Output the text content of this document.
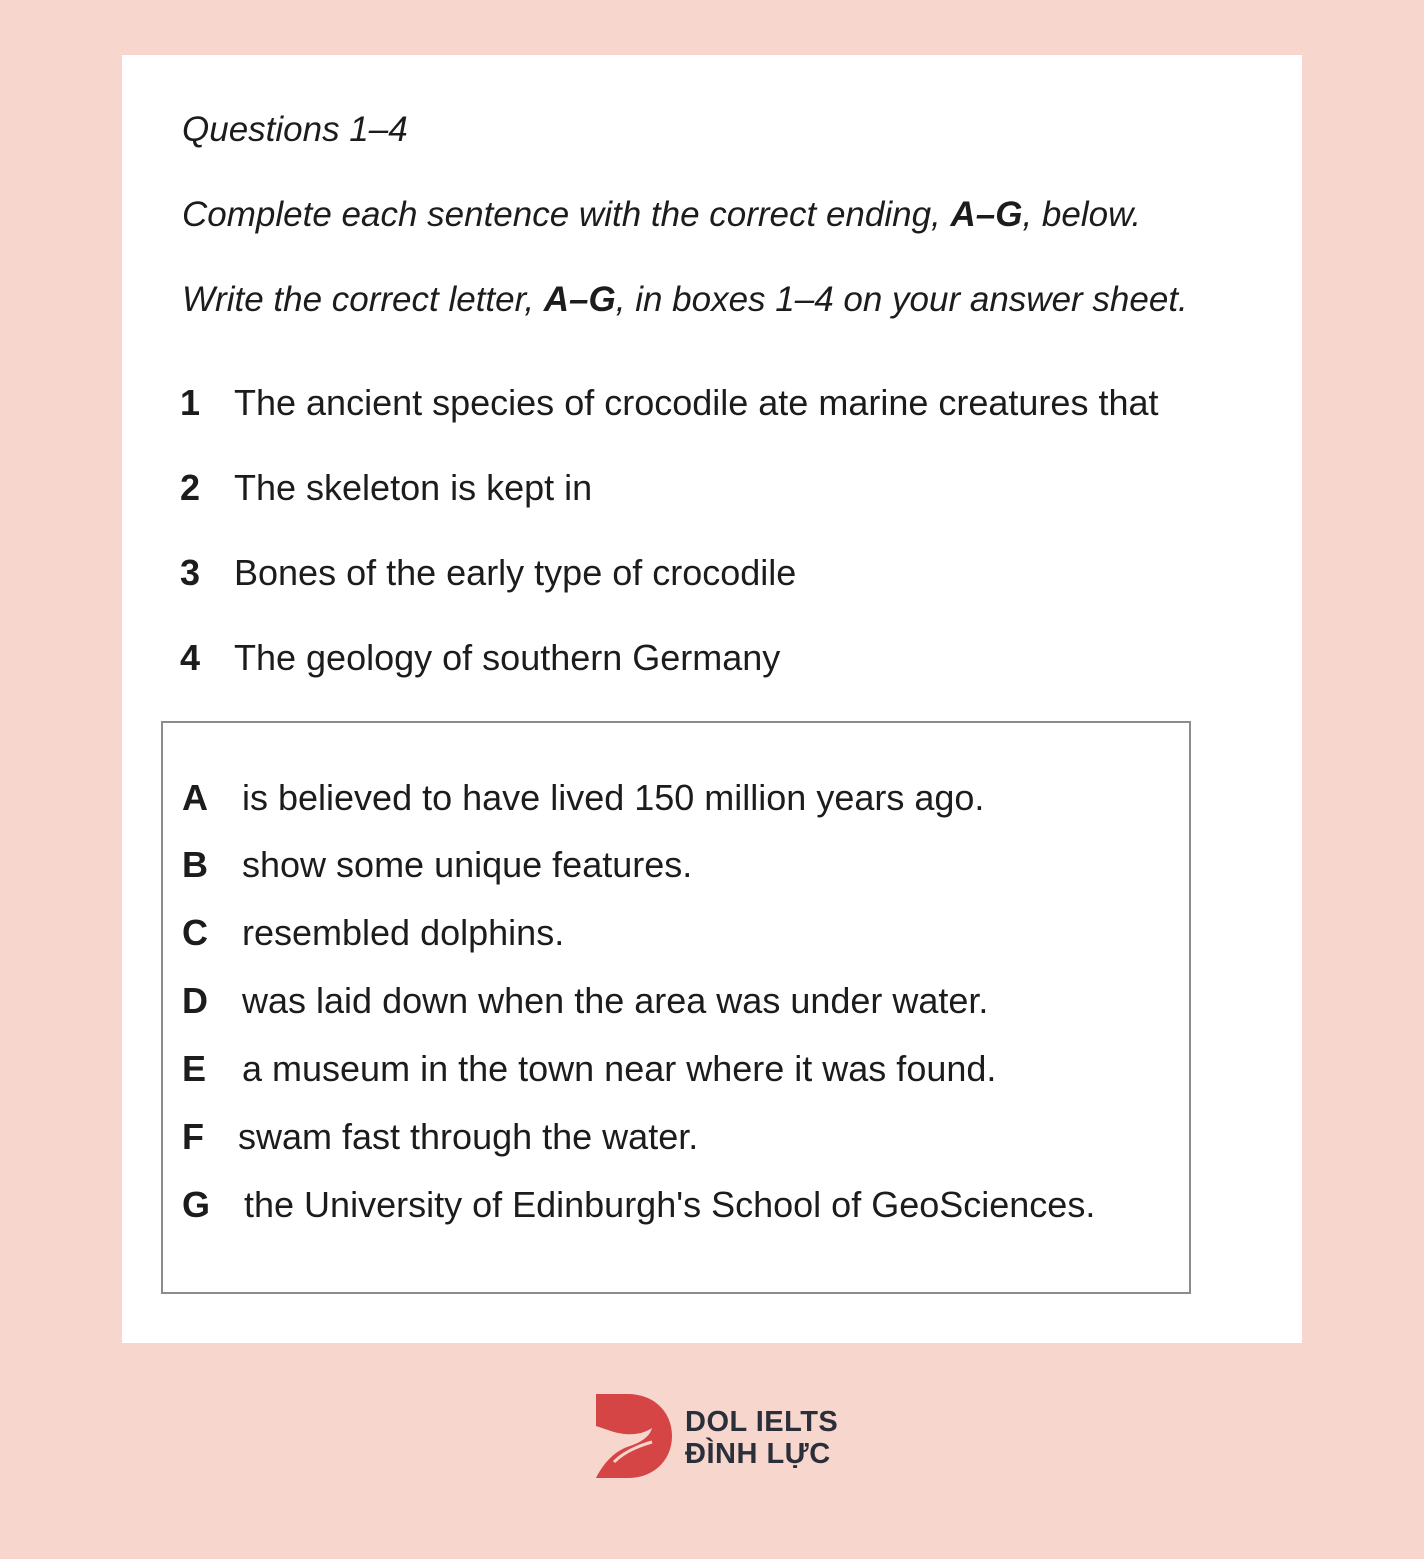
Questions 1–4
Complete each sentence with the correct ending, A–G, below.
Write the correct letter, A–G, in boxes 1–4 on your answer sheet.
1 The ancient species of crocodile ate marine creatures that
2 The skeleton is kept in
3 Bones of the early type of crocodile
4 The geology of southern Germany
A is believed to have lived 150 million years ago.
B show some unique features.
C resembled dolphins.
D was laid down when the area was under water.
E a museum in the town near where it was found.
F swam fast through the water.
G the University of Edinburgh's School of GeoSciences.
DOL IELTS
ĐÌNH LỰC
